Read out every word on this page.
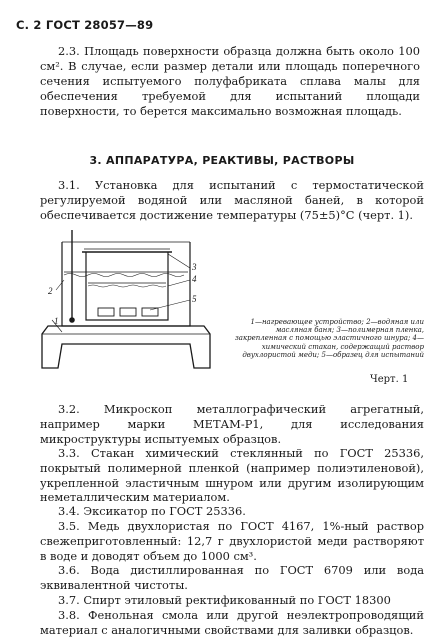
С. 2 ГОСТ 28057—89
2.3. Площадь поверхности образца должна быть около 100 см². В случае, если размер детали или площадь поперечного сечения испытуемого полуфабриката сплава малы для обеспечения требуемой для испытаний площади поверхности, то берется максимально возможная площадь.
3. АППАРАТУРА, РЕАКТИВЫ, РАСТВОРЫ
3.1. Установка для испытаний с термостатической регулируемой водяной или масляной баней, в которой обеспечивается достижение температуры (75±5)°С (черт. 1).
1
2
3
4
5
1—нагревающее устройство; 2—водяная или масляная баня; 3—полимерная пленка, закрепленная с помощью эластичного шнура; 4—химический стакан, содержащий раствор двухлористой меди; 5—образец для испытаний
Черт. 1
3.2. Микроскоп металлографический агрегатный, например марки МЕТАМ-Р1, для исследования микроструктуры испытуемых образцов.
3.3. Стакан химический стеклянный по ГОСТ 25336, покрытый полимерной пленкой (например полиэтиленовой), укрепленной эластичным шнуром или другим изолирующим неметаллическим материалом.
3.4. Эксикатор по ГОСТ 25336.
3.5. Медь двухлористая по ГОСТ 4167, 1%-ный раствор свежеприготовленный: 12,7 г двухлористой меди растворяют в воде и доводят объем до 1000 см³.
3.6. Вода дистиллированная по ГОСТ 6709 или вода эквивалентной чистоты.
3.7. Спирт этиловый ректификованный по ГОСТ 18300
3.8. Фенольная смола или другой неэлектропроводящий материал с аналогичными свойствами для заливки образцов.
